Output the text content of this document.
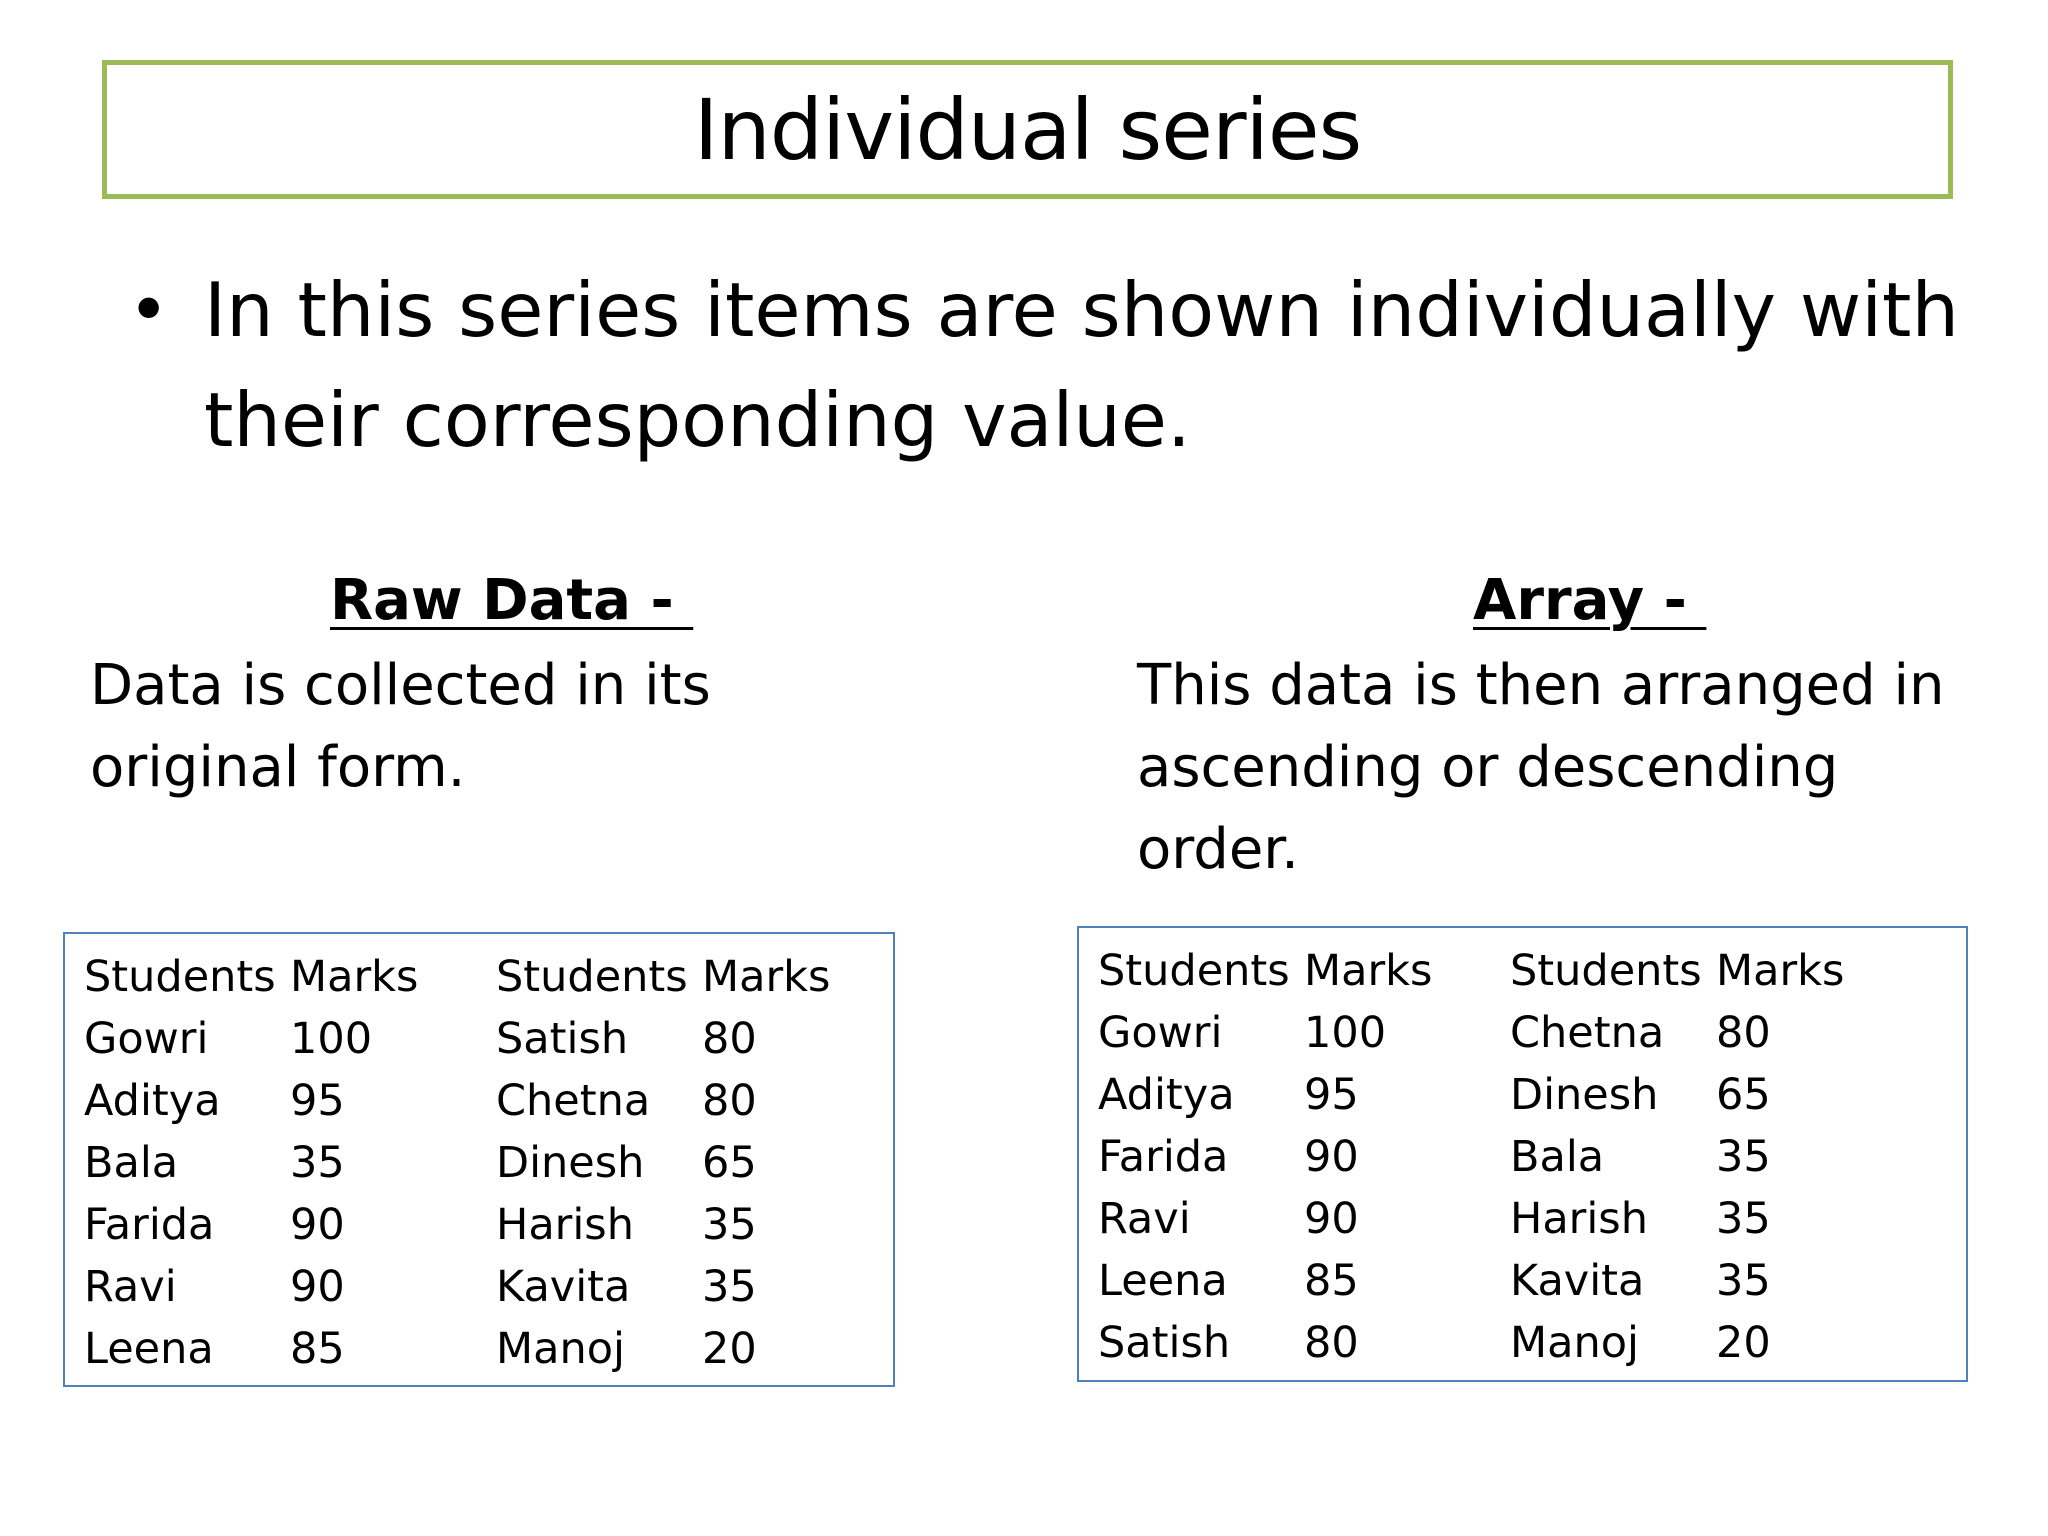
Individual series
• In this series items are shown individually with
their corresponding value.
Raw Data -
Data is collected in its
original form.
Students Marks	Students Marks
Gowri	100	Satish	80
Aditya	95	Chetna	80
Bala	35	Dinesh	65
Farida	90	Harish	35
Ravi	90	Kavita	35
Leena	85	Manoj	20
Array -
This data is then arranged in
ascending or descending
order.
Students Marks	Students Marks
Gowri	100	Chetna	80
Aditya	95	Dinesh	65
Farida	90	Bala	35
Ravi	90	Harish	35
Leena	85	Kavita	35
Satish	80	Manoj	20
